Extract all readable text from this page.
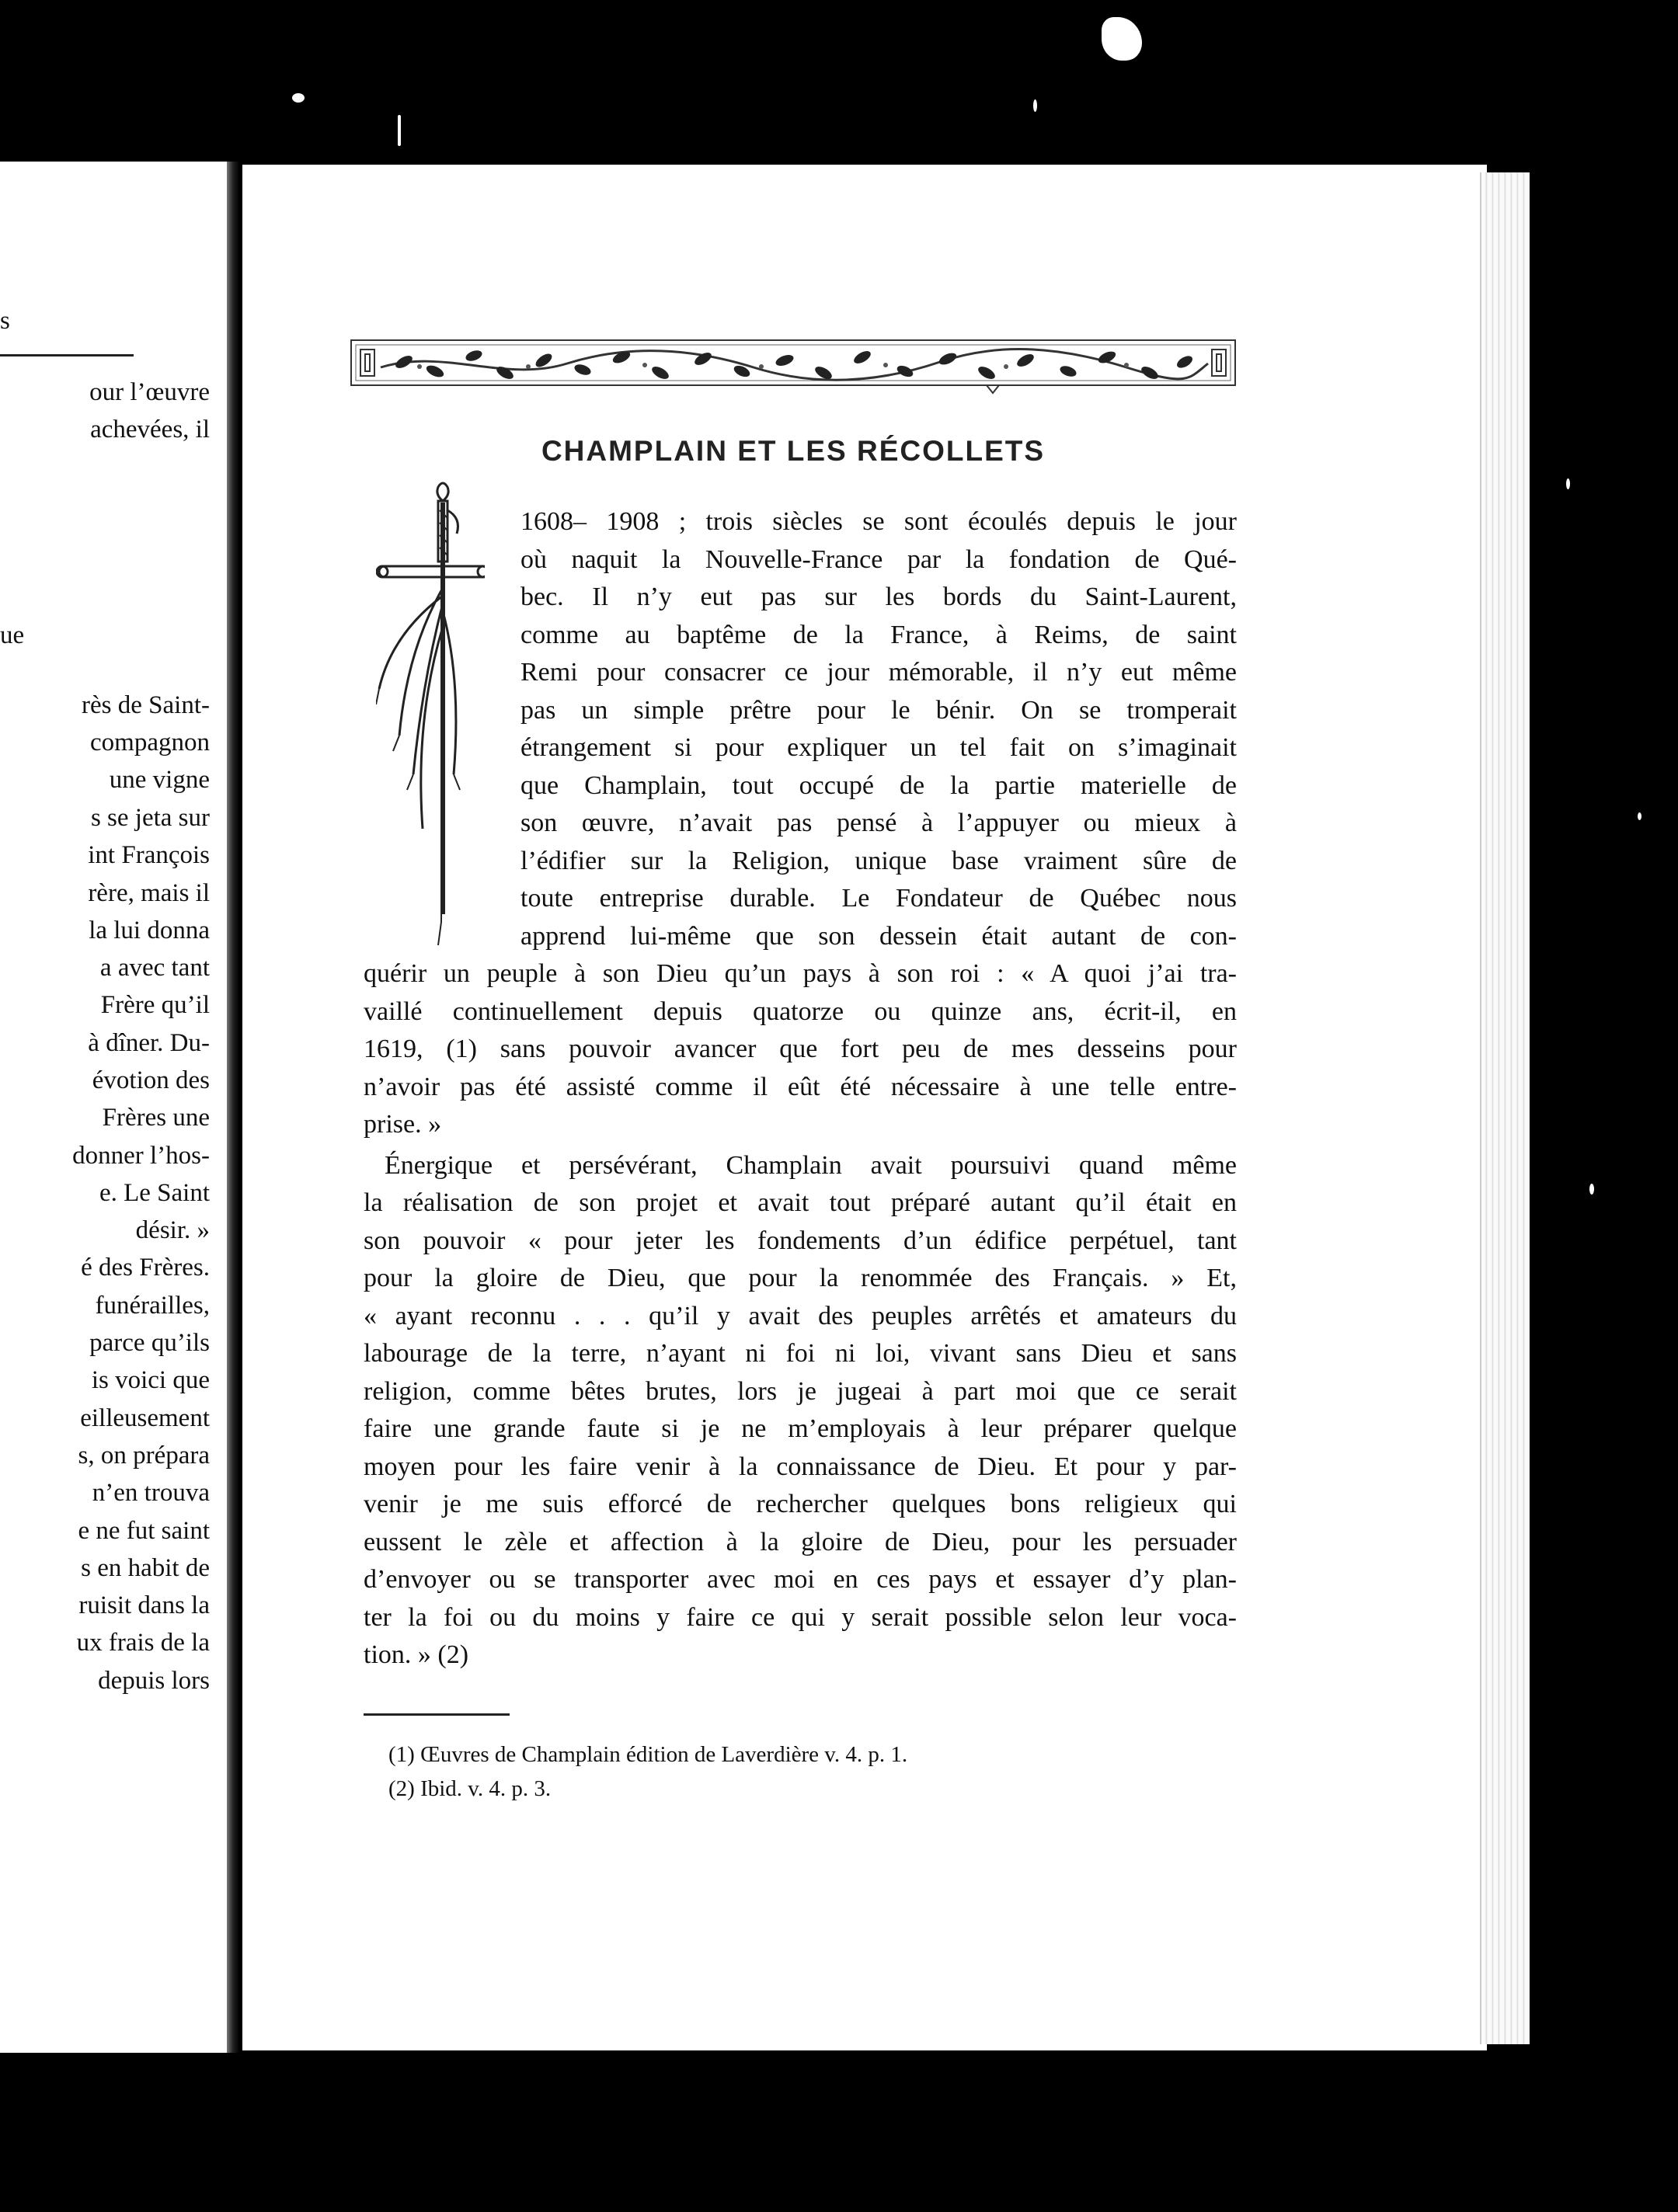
s
our l’œuvre
achevées, il
ue
rès de Saint-
compagnon
une vigne
s se jeta sur
int François
rère, mais il
la lui donna
a avec tant
Frère qu’il
à dîner. Du-
évotion des
Frères une
donner l’hos-
e. Le Saint
désir. »
é des Frères.
funérailles,
parce qu’ils
is voici que
eilleusement
s, on prépara
n’en trouva
e ne fut saint
s en habit de
ruisit dans la
ux frais de la
depuis lors
CHAMPLAIN ET LES RÉCOLLETS
1608– 1908 ; trois siècles se sont écoulés depuis le jour
où naquit la Nouvelle-France par la fondation de Qué-
bec. Il n’y eut pas sur les bords du Saint-Laurent,
comme au baptême de la France, à Reims, de saint
Remi pour consacrer ce jour mémorable, il n’y eut même
pas un simple prêtre pour le bénir. On se tromperait
étrangement si pour expliquer un tel fait on s’imaginait
que Champlain, tout occupé de la partie materielle de
son œuvre, n’avait pas pensé à l’appuyer ou mieux à
l’édifier sur la Religion, unique base vraiment sûre de
toute entreprise durable. Le Fondateur de Québec nous
apprend lui-même que son dessein était autant de con-
quérir un peuple à son Dieu qu’un pays à son roi : « A quoi j’ai tra-
vaillé continuellement depuis quatorze ou quinze ans, écrit-il, en
1619, (1) sans pouvoir avancer que fort peu de mes desseins pour
n’avoir pas été assisté comme il eût été nécessaire à une telle entre-
prise. »
Énergique et persévérant, Champlain avait poursuivi quand même
la réalisation de son projet et avait tout préparé autant qu’il était en
son pouvoir « pour jeter les fondements d’un édifice perpétuel, tant
pour la gloire de Dieu, que pour la renommée des Français. » Et,
« ayant reconnu . . . qu’il y avait des peuples arrêtés et amateurs du
labourage de la terre, n’ayant ni foi ni loi, vivant sans Dieu et sans
religion, comme bêtes brutes, lors je jugeai à part moi que ce serait
faire une grande faute si je ne m’employais à leur préparer quelque
moyen pour les faire venir à la connaissance de Dieu. Et pour y par-
venir je me suis efforcé de rechercher quelques bons religieux qui
eussent le zèle et affection à la gloire de Dieu, pour les persuader
d’envoyer ou se transporter avec moi en ces pays et essayer d’y plan-
ter la foi ou du moins y faire ce qui y serait possible selon leur voca-
tion. » (2)
(1) Œuvres de Champlain édition de Laverdière v. 4. p. 1.
(2) Ibid. v. 4. p. 3.
